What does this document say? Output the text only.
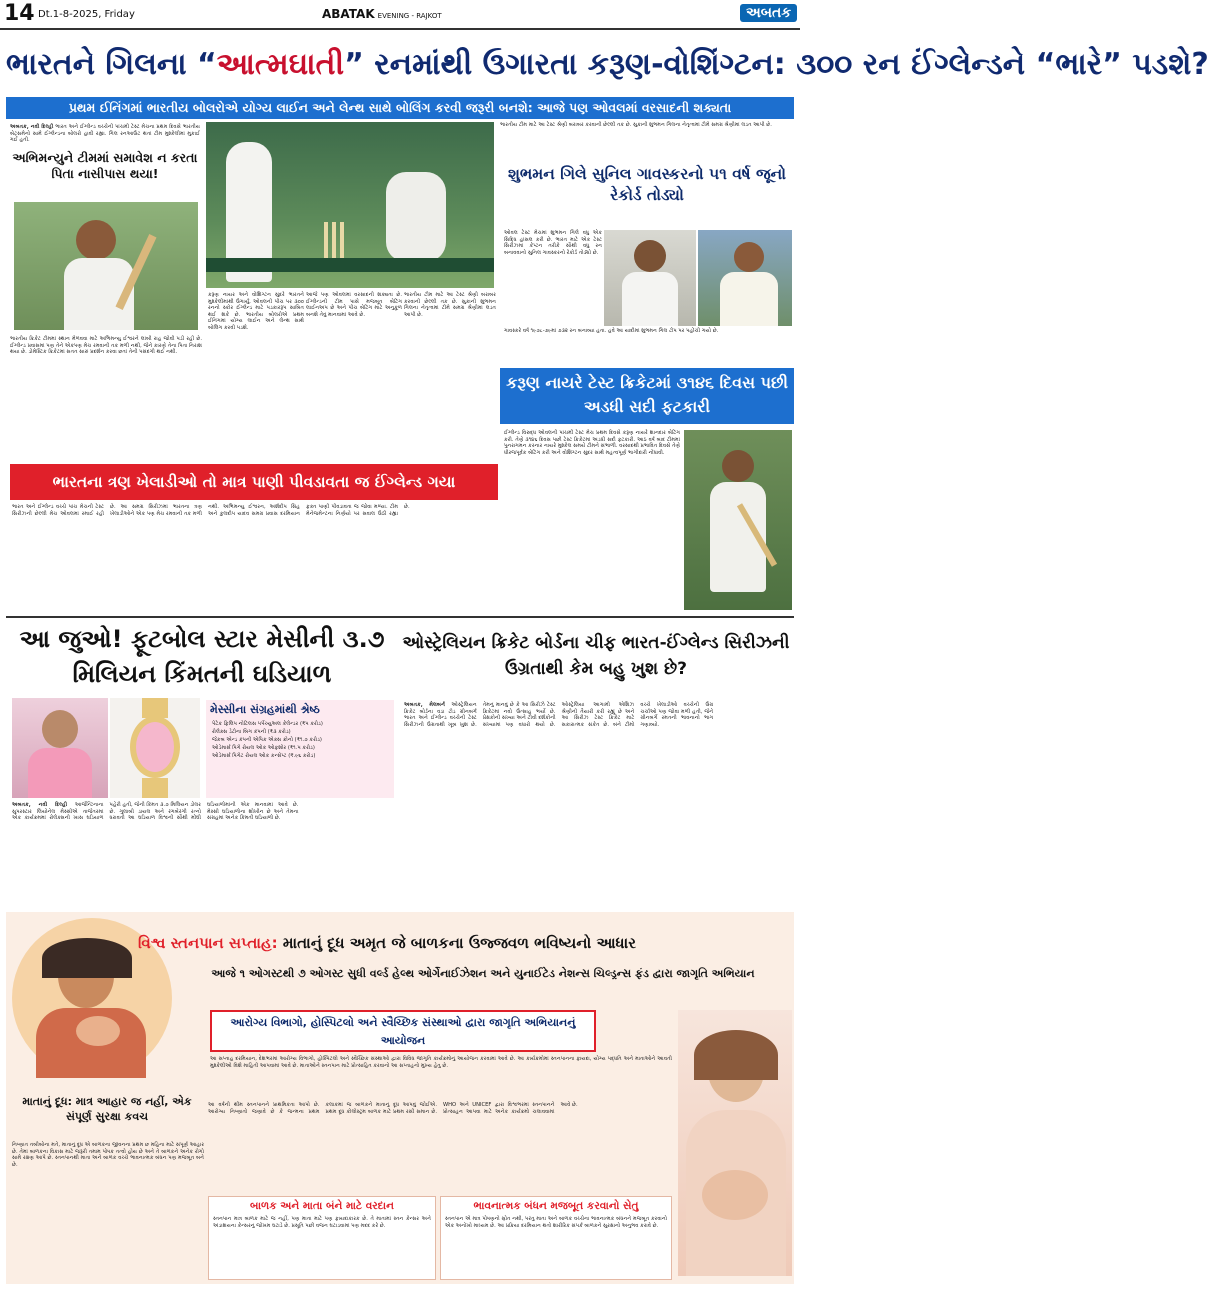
14 Dt.1-8-2025, Friday	ABATAK EVENING - RAJKOT	અબતક
ભારતને ગિલના “આત્મઘાતી” રનમાંથી ઉગારતા કરૂણ-વોશિંગ્ટન: ૩૦૦ રન ઈંગ્લેન્ડને “ભારે” પડશે?
પ્રથમ ઈનિંગમાં ભારતીય બોલરોએ યોગ્ય લાઈન અને લેન્થ સાથે બોલિંગ કરવી જરૂરી બનશે: આજે પણ ઓવલમાં વરસાદની શક્યતા
અબતક, નવી દિલ્હી ભારત અને ઈંગ્લેન્ડ વચ્ચેની પાંચમી ટેસ્ટ મેચના પ્રથમ દિવસે ભારતીય બેટ્સમેનો સામે ઈંગ્લેન્ડના બોલરો હાવી રહ્યા. ગિલ રનઆઉટ થતાં ટીમ મુશ્કેલીમાં મુકાઈ ગઈ હતી.
અભિમન્યુને ટીમમાં સમાવેશ ન કરતા પિતા નાસીપાસ થયા!
ભારતીય ક્રિકેટ ટીમમાં સ્થાન મેળવવા માટે અભિમન્યુ ઈશ્વરને લાંબી રાહ જોવી પડી રહી છે. ઈંગ્લેન્ડ પ્રવાસમાં પણ તેને એકપણ મેચ રમવાની તક મળી નથી, જેને કારણે તેના પિતા નિરાશ થયા છે. ડોમેસ્ટિક ક્રિકેટમાં સતત સારું પ્રદર્શન કરવા છતાં તેની પસંદગી થઈ નથી.
કરૂણ નાયર અને વોશિંગ્ટન સુંદરે ભારતને મુશ્કેલીમાંથી ઉગાર્યું. ઓવલની પીચ પર ૩૦૦ રનનો સ્કોર ઈંગ્લેન્ડ માટે પડકારરૂપ સાબિત થઈ શકે છે. ભારતીય બોલરોએ પ્રથમ ઈનિંગમાં યોગ્ય લાઈન અને લેન્થ સાથે બોલિંગ કરવી પડશે.
આજે પણ ઓવલમાં વરસાદની શક્યતા છે. ઈંગ્લેન્ડની ટીમ પાસે મજબૂત બેટિંગ લાઈનઅપ છે અને પીચ બેટિંગ માટે અનુકૂળ બનશે તેવું માનવામાં આવે છે.
ભારતીય ટીમ માટે આ ટેસ્ટ શ્રેણી બરાબર કરવાની છેલ્લી તક છે. સુકાની શુભમન ગિલના નેતૃત્વમાં ટીમે સમગ્ર શ્રેણીમાં લડત આપી છે.
ભારતીય ટીમ માટે આ ટેસ્ટ શ્રેણી બરાબર કરવાની છેલ્લી તક છે. સુકાની શુભમન ગિલના નેતૃત્વમાં ટીમે સમગ્ર શ્રેણીમાં લડત આપી છે.
શુભમન ગિલે સુનિલ ગાવસ્કરનો ૫૧ વર્ષ જૂનો રેકોર્ડ તોડ્યો
ઓવલ ટેસ્ટ મેચમાં શુભમન ગિલે વધુ એક સિદ્ધિ હાંસલ કરી છે. ભારત માટે એક ટેસ્ટ સિરીઝમાં કેપ્ટન તરીકે સૌથી વધુ રન બનાવવાનો સુનિલ ગાવસ્કરનો રેકોર્ડ તોડ્યો છે.
ગાવસ્કરે વર્ષ ૧૯૭૮-૭૯માં ૭૩૨ રન બનાવ્યા હતા. હવે આ યાદીમાં શુભમન ગિલ ટોપ પર પહોંચી ગયો છે.
કરૂણ નાયરે ટેસ્ટ ક્રિકેટમાં ૩૧૪૬ દિવસ પછી અડધી સદી ફટકારી
ઈંગ્લેન્ડ વિરુદ્ધ ઓવલની પાંચમી ટેસ્ટ મેચ પ્રથમ દિવસે કરૂણ નાયરે શાનદાર બેટિંગ કરી. તેણે ૩૧૪૬ દિવસ પછી ટેસ્ટ ક્રિકેટમાં અડધી સદી ફટકારી. આઠ વર્ષ બાદ ટીમમાં પુનરાગમન કરનાર નાયરે મુશ્કેલ સમયે ટીમને સંભાળી. વરસાદથી પ્રભાવિત દિવસે તેણે ધીરજપૂર્વક બેટિંગ કરી અને વોશિંગ્ટન સુંદર સાથે મહત્વપૂર્ણ ભાગીદારી નોંધાવી.
ભારતના ત્રણ ખેલાડીઓ તો માત્ર પાણી પીવડાવતા જ ઈંગ્લેન્ડ ગયા
ભારત અને ઈંગ્લેન્ડ વચ્ચે પાંચ મેચની ટેસ્ટ સિરીઝની છેલ્લી મેચ ઓવલમાં રમાઈ રહી છે. આ સમગ્ર સિરીઝમાં ભારતના ત્રણ ખેલાડીઓને એક પણ મેચ રમવાની તક મળી નથી. અભિમન્યુ ઈશ્વરન, અર્શદીપ સિંહ અને કુલદીપ યાદવ સમગ્ર પ્રવાસ દરમિયાન ફક્ત પાણી પીવડાવતા જ જોવા મળ્યા. ટીમ મેનેજમેન્ટના નિર્ણયો પર સવાલ ઉઠી રહ્યા છે.
આ જુઓ! ફૂટબોલ સ્ટાર મેસીની ૩.૭ મિલિયન કિંમતની ઘડિયાળ
મેસ્સીના સંગ્રહમાંથી શ્રેષ્ઠ
પેટેક ફિલિપ નોટિલસ પર્પેચ્યુઅલ કેલેન્ડર (₹૫ કરોડ)
રોલેક્સ ડેટોના બિગ કંપની (₹૩ કરોડ)
જેકબ એન્ડ કંપની એપિક એક્સ ક્રોનો (₹૧.૭ કરોડ)
ઓડેમાર્સ પિગે રોયલ ઓક ઓફશોર (₹૧.૫ કરોડ)
ઓડેમાર્સ પિગેટ રોયલ ઓક કન્સેપ્ટ (₹.૯૬ કરોડ)
અબતક, નવી દિલ્હી આર્જેન્ટિનાના સુપરસ્ટાર લિયોનેલ મેસ્સીએ તાજેતરમાં એક કાર્યક્રમમાં રોલેક્સની ખાસ ઘડિયાળ પહેરી હતી, જેની કિંમત ૩.૭ મિલિયન ડોલર છે. ગુલાબી ડાયલ અને રંગબેરંગી રત્નો ધરાવતી આ ઘડિયાળ વિશ્વની સૌથી મોંઘી ઘડિયાળોમાંની એક માનવામાં આવે છે. મેસ્સી ઘડિયાળોના શોખીન છે અને તેમના સંગ્રહમાં અનેક કિંમતી ઘડિયાળો છે.
ઓસ્ટ્રેલિયન ક્રિકેટ બોર્ડના ચીફ ભારત-ઈંગ્લેન્ડ સિરીઝની ઉગ્રતાથી કેમ બહુ ખુશ છે?
અબતક, મેલબર્ન ઓસ્ટ્રેલિયન ક્રિકેટ બોર્ડના વડા ટોડ ગ્રીનબર્ગ ભારત અને ઈંગ્લેન્ડ વચ્ચેની ટેસ્ટ સિરીઝની ઉગ્રતાથી ખૂબ ખુશ છે. તેમનું માનવું છે કે આ સિરીઝે ટેસ્ટ ક્રિકેટમાં નવો ઉત્સાહ ભર્યો છે. પ્રેક્ષકોની સંખ્યા અને ટીવી દર્શકોની સંખ્યામાં પણ વધારો થયો છે. ઓસ્ટ્રેલિયા આગામી એશિઝ શ્રેણીની તૈયારી કરી રહ્યું છે અને આ સિરીઝ ટેસ્ટ ક્રિકેટ માટે સકારાત્મક સંકેત છે. બંને ટીમો વચ્ચે ખેલાડીઓ વચ્ચેની ઉગ્ર ચર્ચાઓ પણ જોવા મળી હતી, જેને ગ્રીનબર્ગે રમતની ભાવનાનો ભાગ ગણાવ્યો.
વિશ્વ સ્તનપાન સપ્તાહ: માતાનું દૂધ અમૃત જે બાળકના ઉજ્જવળ ભવિષ્યનો આધાર
આજે ૧ ઓગસ્ટથી ૭ ઓગસ્ટ સુધી વર્લ્ડ હેલ્થ ઓર્ગેનાઈઝેશન અને યુનાઈટેડ નેશન્સ ચિલ્ડ્રન્સ ફંડ દ્વારા જાગૃતિ અભિયાન
આરોગ્ય વિભાગો, હોસ્પિટલો અને સ્વૈચ્છિક સંસ્થાઓ દ્વારા જાગૃતિ અભિયાનનું આયોજન
આ સપ્તાહ દરમિયાન, દેશભરમાં આરોગ્ય વિભાગો, હોસ્પિટલો અને સ્વૈચ્છિક સંસ્થાઓ દ્વારા વિવિધ જાગૃતિ કાર્યક્રમોનું આયોજન કરવામાં આવે છે. આ કાર્યક્રમોમાં સ્તનપાનના ફાયદા, યોગ્ય પદ્ધતિ અને માતાઓને આવતી મુશ્કેલીઓ વિશે માહિતી આપવામાં આવે છે. માતાઓને સ્તનપાન માટે પ્રોત્સાહિત કરવાનો આ સપ્તાહનો મુખ્ય હેતુ છે.
માતાનું દૂધ: માત્ર આહાર જ નહીં, એક સંપૂર્ણ સુરક્ષા કવચ
નિષ્ણાત તબીબોના મતે, માતાનું દૂધ એ બાળકના જીવનના પ્રથમ છ મહિના માટે સંપૂર્ણ આહાર છે. તેમાં બાળકના વિકાસ માટે જરૂરી તમામ પોષક તત્વો હોય છે અને તે બાળકને અનેક રોગો સામે રક્ષણ આપે છે. સ્તનપાનથી માતા અને બાળક વચ્ચે ભાવનાત્મક બંધન પણ મજબૂત બને છે.
આ વર્ષની થીમ સ્તનપાનને પ્રાથમિકતા આપો છે. આરોગ્ય નિષ્ણાતો જણાવે છે કે જન્મના પ્રથમ કલાકમાં જ બાળકને માતાનું દૂધ આપવું જોઈએ. પ્રથમ દૂધ કોલોસ્ટ્રમ બાળક માટે પ્રથમ રસી સમાન છે. WHO અને UNICEF દ્વારા વિશ્વભરમાં સ્તનપાનને પ્રોત્સાહન આપવા માટે અનેક કાર્યક્રમો ચલાવવામાં આવે છે.
બાળક અને માતા બંને માટે વરદાન
સ્તનપાન માત્ર બાળક માટે જ નહીં, પણ માતા માટે પણ ફાયદાકારક છે. તે માતામાં સ્તન કેન્સર અને અંડાશયના કેન્સરનું જોખમ ઘટાડે છે. પ્રસૂતિ પછી વજન ઘટાડવામાં પણ મદદ કરે છે.
ભાવનાત્મક બંધન મજબૂત કરવાનો સેતુ
સ્તનપાન એ માત્ર પોષણનો સ્રોત નથી, પરંતુ માતા અને બાળક વચ્ચેના ભાવનાત્મક બંધનને મજબૂત કરવાનો એક અનોખો માધ્યમ છે. આ પ્રક્રિયા દરમિયાન થતો શારીરિક સંપર્ક બાળકને સુરક્ષાનો અનુભવ કરાવે છે.
